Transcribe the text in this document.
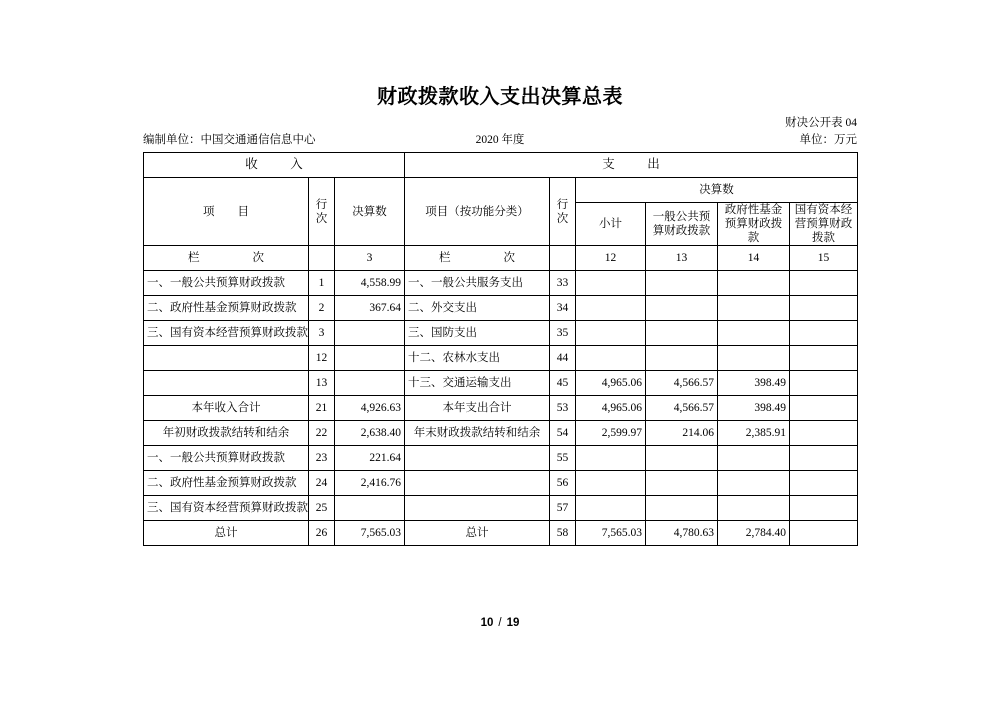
财政拨款收入支出决算总表
财决公开表 04
编制单位：中国交通通信信息中心	2020 年度	单位：万元
收　入			支　出					
项　　目	行次	决算数	项目（按功能分类）	行次	决算数			
					小计	一般公共预算财政拨款	政府性基金预算财政拨款	国有资本经营预算财政拨款
栏　　次		3	栏　　次		12	13	14	15
一、一般公共预算财政拨款	1	4,558.99	一、一般公共服务支出	33				
二、政府性基金预算财政拨款	2	367.64	二、外交支出	34				
三、国有资本经营预算财政拨款	3		三、国防支出	35				
	12		十二、农林水支出	44				
	13		十三、交通运输支出	45	4,965.06	4,566.57	398.49	
本年收入合计	21	4,926.63	本年支出合计	53	4,965.06	4,566.57	398.49	
年初财政拨款结转和结余	22	2,638.40	年末财政拨款结转和结余	54	2,599.97	214.06	2,385.91	
一、一般公共预算财政拨款	23	221.64		55				
二、政府性基金预算财政拨款	24	2,416.76		56				
三、国有资本经营预算财政拨款	25			57				
总计	26	7,565.03	总计	58	7,565.03	4,780.63	2,784.40	
10 / 19
